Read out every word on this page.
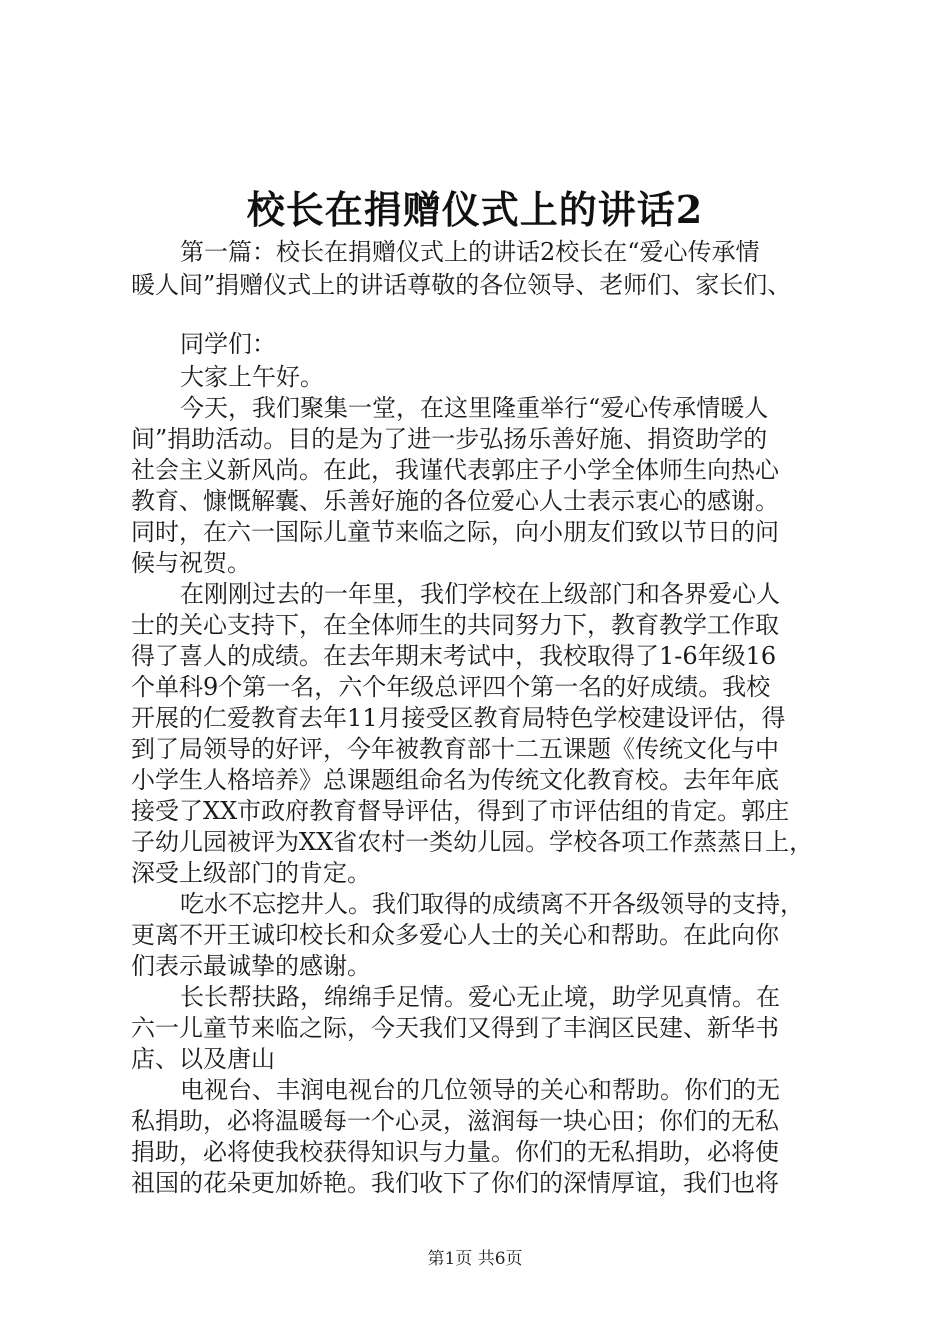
校长在捐赠仪式上的讲话2
第一篇：校长在捐赠仪式上的讲话2校长在“爱心传承情
暖人间”捐赠仪式上的讲话尊敬的各位领导、老师们、家长们、
同学们：
大家上午好。
今天，我们聚集一堂，在这里隆重举行“爱心传承情暖人
间”捐助活动。目的是为了进一步弘扬乐善好施、捐资助学的
社会主义新风尚。在此，我谨代表郭庄子小学全体师生向热心
教育、慷慨解囊、乐善好施的各位爱心人士表示衷心的感谢。
同时，在六一国际儿童节来临之际，向小朋友们致以节日的问
候与祝贺。
在刚刚过去的一年里，我们学校在上级部门和各界爱心人
士的关心支持下，在全体师生的共同努力下，教育教学工作取
得了喜人的成绩。在去年期末考试中，我校取得了1-6年级16
个单科9个第一名，六个年级总评四个第一名的好成绩。我校
开展的仁爱教育去年11月接受区教育局特色学校建设评估，得
到了局领导的好评，今年被教育部十二五课题《传统文化与中
小学生人格培养》总课题组命名为传统文化教育校。去年年底
接受了XX市政府教育督导评估，得到了市评估组的肯定。郭庄
子幼儿园被评为XX省农村一类幼儿园。学校各项工作蒸蒸日上，
深受上级部门的肯定。
吃水不忘挖井人。我们取得的成绩离不开各级领导的支持，
更离不开王诚印校长和众多爱心人士的关心和帮助。在此向你
们表示最诚挚的感谢。
长长帮扶路，绵绵手足情。爱心无止境，助学见真情。在
六一儿童节来临之际，今天我们又得到了丰润区民建、新华书
店、以及唐山
电视台、丰润电视台的几位领导的关心和帮助。你们的无
私捐助，必将温暖每一个心灵，滋润每一块心田；你们的无私
捐助，必将使我校获得知识与力量。你们的无私捐助，必将使
祖国的花朵更加娇艳。我们收下了你们的深情厚谊，我们也将
第1页 共6页
